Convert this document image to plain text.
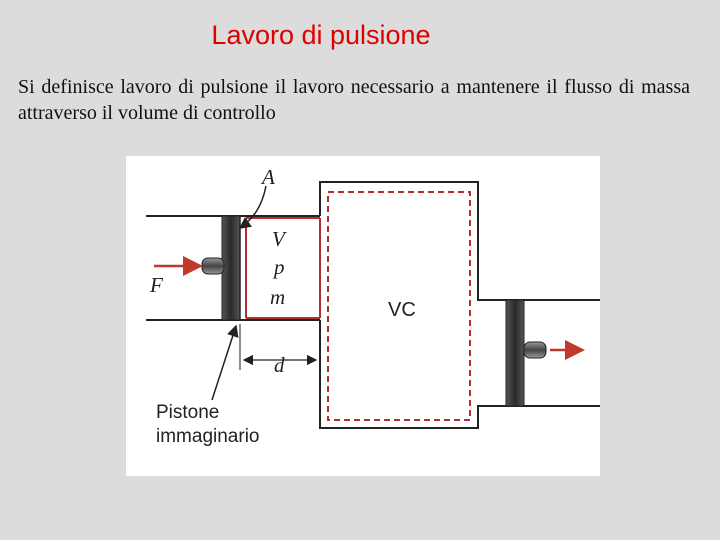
Lavoro di pulsione
Si definisce lavoro di pulsione il lavoro necessario a mantenere il flusso di massa attraverso il volume di controllo
A
V
p
m
F
d
VC
Pistone
immaginario
